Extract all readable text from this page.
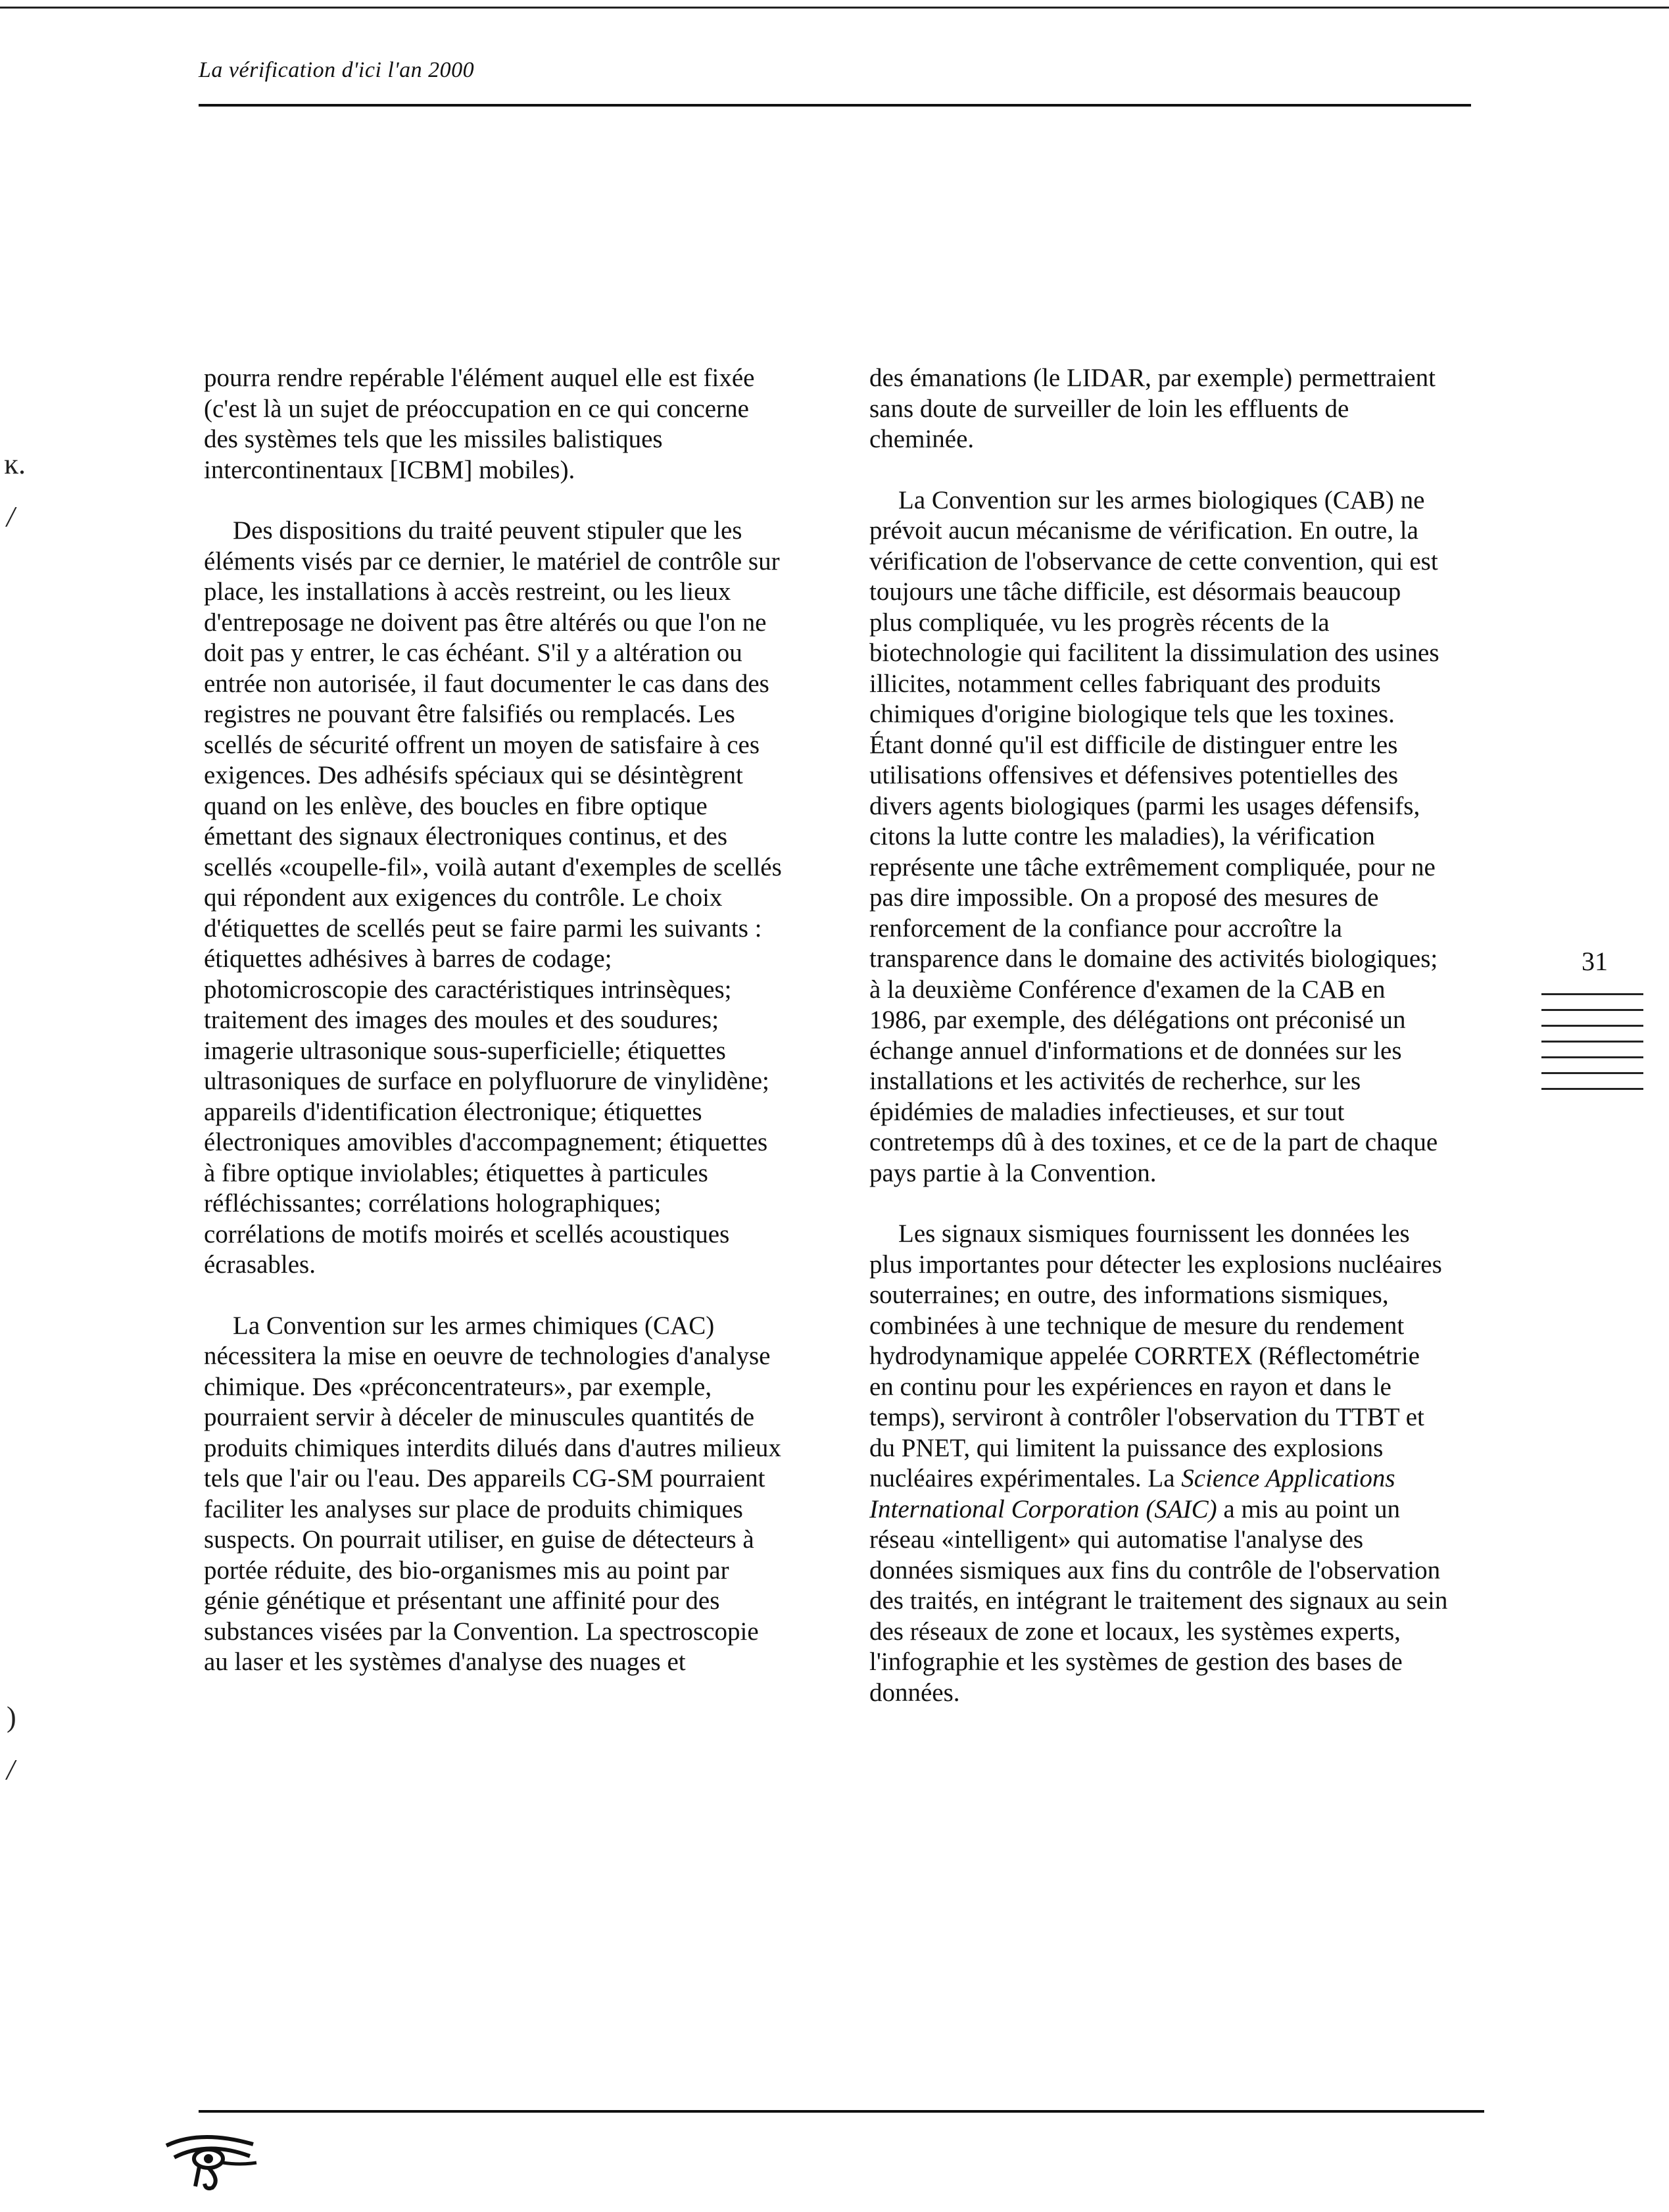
La vérification d'ici l'an 2000
ĸ.
/
)
/

pourra rendre repérable l'élément auquel elle est fixée (c'est là un sujet de préoccupation en ce qui concerne des systèmes tels que les missiles balistiques intercontinentaux [ICBM] mobiles).

Des dispositions du traité peuvent stipuler que les éléments visés par ce dernier, le matériel de contrôle sur place, les installations à accès restreint, ou les lieux d'entreposage ne doivent pas être altérés ou que l'on ne doit pas y entrer, le cas échéant. S'il y a altération ou entrée non autorisée, il faut documenter le cas dans des registres ne pouvant être falsifiés ou remplacés. Les scellés de sécurité offrent un moyen de satisfaire à ces exigences. Des adhésifs spéciaux qui se désintègrent quand on les enlève, des boucles en fibre optique émettant des signaux électroniques continus, et des scellés «coupelle-fil», voilà autant d'exemples de scellés qui répondent aux exigences du contrôle. Le choix d'étiquettes de scellés peut se faire parmi les suivants : étiquettes adhésives à barres de codage; photomicroscopie des caractéristiques intrinsèques; traitement des images des moules et des soudures; imagerie ultrasonique sous-superficielle; étiquettes ultrasoniques de surface en polyfluorure de vinylidène; appareils d'identification électronique; étiquettes électroniques amovibles d'accompagnement; étiquettes à fibre optique inviolables; étiquettes à particules réfléchissantes; corrélations holographiques; corrélations de motifs moirés et scellés acoustiques écrasables.

La Convention sur les armes chimiques (CAC) nécessitera la mise en oeuvre de technologies d'analyse chimique. Des «préconcentrateurs», par exemple, pourraient servir à déceler de minuscules quantités de produits chimiques interdits dilués dans d'autres milieux tels que l'air ou l'eau. Des appareils CG-SM pourraient faciliter les analyses sur place de produits chimiques suspects. On pourrait utiliser, en guise de détecteurs à portée réduite, des bio-organismes mis au point par génie génétique et présentant une affinité pour des substances visées par la Convention. La spectroscopie au laser et les systèmes d'analyse des nuages et

des émanations (le LIDAR, par exemple) permettraient sans doute de surveiller de loin les effluents de cheminée.

La Convention sur les armes biologiques (CAB) ne prévoit aucun mécanisme de vérification. En outre, la vérification de l'observance de cette convention, qui est toujours une tâche difficile, est désormais beaucoup plus compliquée, vu les progrès récents de la biotechnologie qui facilitent la dissimulation des usines illicites, notamment celles fabriquant des produits chimiques d'origine biologique tels que les toxines. Étant donné qu'il est difficile de distinguer entre les utilisations offensives et défensives potentielles des divers agents biologiques (parmi les usages défensifs, citons la lutte contre les maladies), la vérification représente une tâche extrêmement compliquée, pour ne pas dire impossible. On a proposé des mesures de renforcement de la confiance pour accroître la transparence dans le domaine des activités biologiques; à la deuxième Conférence d'examen de la CAB en 1986, par exemple, des délégations ont préconisé un échange annuel d'informations et de données sur les installations et les activités de recherhce, sur les épidémies de maladies infectieuses, et sur tout contretemps dû à des toxines, et ce de la part de chaque pays partie à la Convention.

Les signaux sismiques fournissent les données les plus importantes pour détecter les explosions nucléaires souterraines; en outre, des informations sismiques, combinées à une technique de mesure du rendement hydrodynamique appelée CORRTEX (Réflectométrie en continu pour les expériences en rayon et dans le temps), serviront à contrôler l'observation du TTBT et du PNET, qui limitent la puissance des explosions nucléaires expérimentales. La Science Applications International Corporation (SAIC) a mis au point un réseau «intelligent» qui automatise l'analyse des données sismiques aux fins du contrôle de l'observation des traités, en intégrant le traitement des signaux au sein des réseaux de zone et locaux, les systèmes experts, l'infographie et les systèmes de gestion des bases de données.

31
